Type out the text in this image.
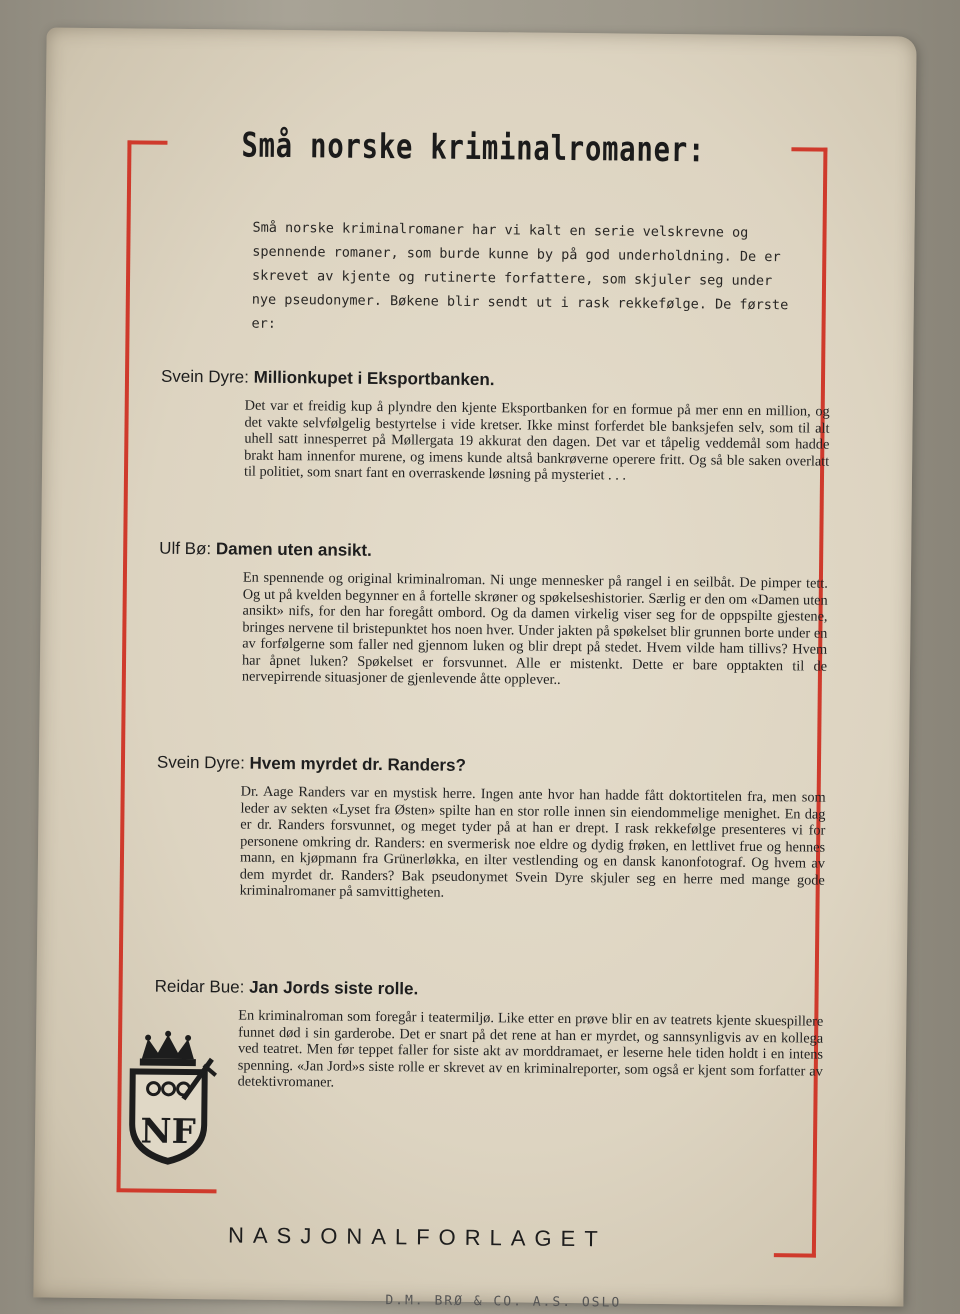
Små norske kriminalromaner:
Små norske kriminalromaner har vi kalt en serie velskrevne og spennende romaner, som burde kunne by på god underholdning. De er skrevet av kjente og rutinerte forfattere, som skjuler seg under nye pseudonymer. Bøkene blir sendt ut i rask rekkefølge. De første er:
Svein Dyre: Millionkupet i Eksportbanken.
Det var et freidig kup å plyndre den kjente Eksportbanken for en formue på mer enn en million, og det vakte selvfølgelig bestyrtelse i vide kretser. Ikke minst forferdet ble banksjefen selv, som til alt uhell satt innesperret på Møllergata 19 akkurat den dagen. Det var et tåpelig veddemål som hadde brakt ham innenfor murene, og imens kunde altså bankrøverne operere fritt. Og så ble saken overlatt til politiet, som snart fant en overraskende løsning på mysteriet . . .
Ulf Bø: Damen uten ansikt.
En spennende og original kriminalroman. Ni unge mennesker på rangel i en seilbåt. De pimper tett. Og ut på kvelden begynner en å fortelle skrøner og spøkelseshistorier. Særlig er den om «Damen uten ansikt» nifs, for den har foregått ombord. Og da damen virkelig viser seg for de oppspilte gjestene, bringes nervene til bristepunktet hos noen hver. Under jakten på spøkelset blir grunnen borte under en av forfølgerne som faller ned gjennom luken og blir drept på stedet. Hvem vilde ham tillivs? Hvem har åpnet luken? Spøkelset er forsvunnet. Alle er mistenkt. Dette er bare opptakten til de nervepirrende situasjoner de gjenlevende åtte opplever..
Svein Dyre: Hvem myrdet dr. Randers?
Dr. Aage Randers var en mystisk herre. Ingen ante hvor han hadde fått doktortitelen fra, men som leder av sekten «Lyset fra Østen» spilte han en stor rolle innen sin eiendommelige menighet. En dag er dr. Randers forsvunnet, og meget tyder på at han er drept. I rask rekkefølge presenteres vi for personene omkring dr. Randers: en svermerisk noe eldre og dydig frøken, en lettlivet frue og hennes mann, en kjøpmann fra Grünerløkka, en ilter vestlending og en dansk kanonfotograf. Og hvem av dem myrdet dr. Randers? Bak pseudonymet Svein Dyre skjuler seg en herre med mange gode kriminalromaner på samvittigheten.
Reidar Bue: Jan Jords siste rolle.
En kriminalroman som foregår i teatermiljø. Like etter en prøve blir en av teatrets kjente skuespillere funnet død i sin garderobe. Det er snart på det rene at han er myrdet, og sannsynligvis av en kollega ved teatret. Men før teppet faller for siste akt av morddramaet, er leserne hele tiden holdt i en intens spenning. «Jan Jord»s siste rolle er skrevet av en kriminalreporter, som også er kjent som forfatter av detektivromaner.
NF
NASJONALFORLAGET
D.M. BRØ & CO. A.S. OSLO
